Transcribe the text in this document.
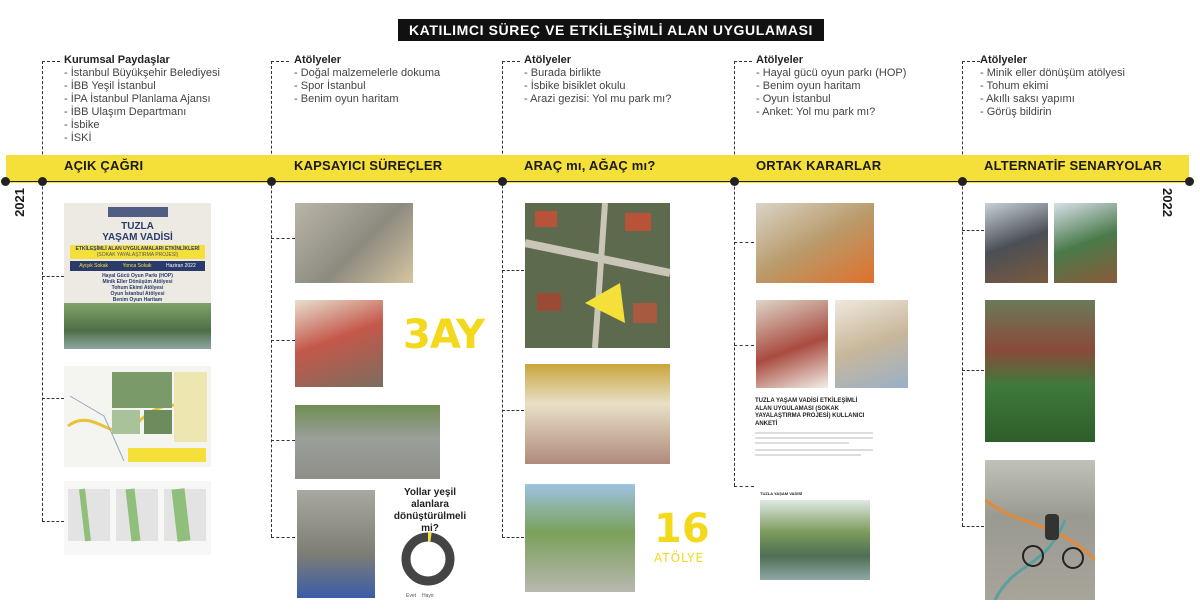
KATILIMCI SÜREÇ VE ETKİLEŞİMLİ ALAN UYGULAMASI
Kurumsal Paydaşlar
- İstanbul Büyükşehir Belediyesi
- İBB Yeşil İstanbul
- İPA İstanbul Planlama Ajansı
- İBB Ulaşım Departmanı
- İsbike
- İSKİ
Atölyeler
- Doğal malzemelerle dokuma
- Spor İstanbul
- Benim oyun haritam
Atölyeler
- Burada birlikte
- İsbike bisiklet okulu
- Arazi gezisi: Yol mu park mı?
Atölyeler
- Hayal gücü oyun parkı (HOP)
- Benim oyun haritam
- Oyun İstanbul
- Anket: Yol mu park mı?
Atölyeler
- Minik eller dönüşüm atölyesi
- Tohum ekimi
- Akıllı saksı yapımı
- Görüş bildirin
AÇIK ÇAĞRI	KAPSAYICI SÜREÇLER	ARAÇ mı, AĞAÇ mı?	ORTAK KARARLAR	ALTERNATİF SENARYOLAR
2021	2022
TUZLA
YAŞAM VADİSİ
ETKİLEŞİMLİ ALAN UYGULAMALARI ETKİNLİKLERİ
(SOKAK YAYALAŞTIRMA PROJESİ)
Ayışık Sokak	Yonca Sokak	Haziran 2022
Hayal Gücü Oyun Parkı (HOP)
Minik Eller Dönüşüm Atölyesi
Tohum Ekimi Atölyesi
Oyun İstanbul Atölyesi
Benim Oyun Haritam
3AY
Yollar yeşil alanlara dönüştürülmeli mi?
Evet Hayır
16
ATÖLYE
TUZLA YAŞAM VADİSİ ETKİLEŞİMLİ ALAN UYGULAMASI (SOKAK YAYALAŞTIRMA PROJESİ) KULLANICI ANKETİ
TUZLA YAŞAM VADİSİ
